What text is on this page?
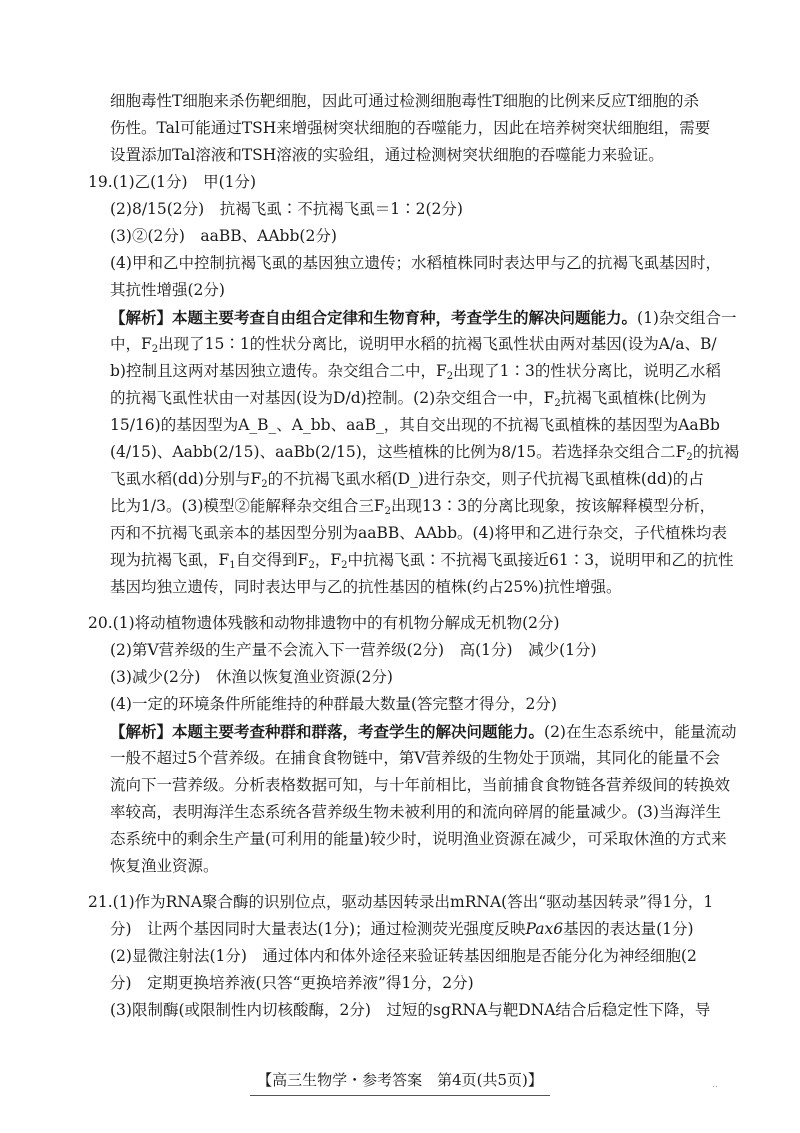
细胞毒性T细胞来杀伤靶细胞，因此可通过检测细胞毒性T细胞的比例来反应T细胞的杀
伤性。Tal可能通过TSH来增强树突状细胞的吞噬能力，因此在培养树突状细胞组，需要
设置添加Tal溶液和TSH溶液的实验组，通过检测树突状细胞的吞噬能力来验证。
19.(1)乙(1分)　甲(1分)
(2)8/15(2分)　抗褐飞虱∶不抗褐飞虱＝1∶2(2分)
(3)②(2分)　aaBB、AAbb(2分)
(4)甲和乙中控制抗褐飞虱的基因独立遗传；水稻植株同时表达甲与乙的抗褐飞虱基因时，
其抗性增强(2分)
【解析】本题主要考查自由组合定律和生物育种，考查学生的解决问题能力。(1)杂交组合一
中，$F_2$出现了15∶1的性状分离比，说明甲水稻的抗褐飞虱性状由两对基因(设为A/a、B/
b)控制且这两对基因独立遗传。杂交组合二中，$F_2$出现了1∶3的性状分离比，说明乙水稻
的抗褐飞虱性状由一对基因(设为D/d)控制。(2)杂交组合一中，$F_2$抗褐飞虱植株(比例为
15/16)的基因型为A_B_、A_bb、aaB_，其自交出现的不抗褐飞虱植株的基因型为AaBb
(4/15)、Aabb(2/15)、aaBb(2/15)，这些植株的比例为8/15。若选择杂交组合二$F_2$的抗褐
飞虱水稻(dd)分别与$F_2$的不抗褐飞虱水稻(D_)进行杂交，则子代抗褐飞虱植株(dd)的占
比为1/3。(3)模型②能解释杂交组合三$F_2$出现13∶3的分离比现象，按该解释模型分析，
丙和不抗褐飞虱亲本的基因型分别为aaBB、AAbb。(4)将甲和乙进行杂交，子代植株均表
现为抗褐飞虱，$F_1$自交得到$F_2$，$F_2$中抗褐飞虱∶不抗褐飞虱接近61∶3，说明甲和乙的抗性
基因均独立遗传，同时表达甲与乙的抗性基因的植株(约占25%)抗性增强。
20.(1)将动植物遗体残骸和动物排遗物中的有机物分解成无机物(2分)
(2)第Ⅴ营养级的生产量不会流入下一营养级(2分)　高(1分)　减少(1分)
(3)减少(2分)　休渔以恢复渔业资源(2分)
(4)一定的环境条件所能维持的种群最大数量(答完整才得分，2分)
【解析】本题主要考查种群和群落，考查学生的解决问题能力。(2)在生态系统中，能量流动
一般不超过5个营养级。在捕食食物链中，第Ⅴ营养级的生物处于顶端，其同化的能量不会
流向下一营养级。分析表格数据可知，与十年前相比，当前捕食食物链各营养级间的转换效
率较高，表明海洋生态系统各营养级生物未被利用的和流向碎屑的能量减少。(3)当海洋生
态系统中的剩余生产量(可利用的能量)较少时，说明渔业资源在减少，可采取休渔的方式来
恢复渔业资源。
21.(1)作为RNA聚合酶的识别位点，驱动基因转录出mRNA(答出“驱动基因转录”得1分，1
分)　让两个基因同时大量表达(1分)；通过检测荧光强度反映Pax6基因的表达量(1分)
(2)显微注射法(1分)　通过体内和体外途径来验证转基因细胞是否能分化为神经细胞(2
分)　定期更换培养液(只答“更换培养液”得1分，2分)
(3)限制酶(或限制性内切核酸酶，2分)　过短的sgRNA与靶DNA结合后稳定性下降，导
【高三生物学・参考答案　第4页(共5页)】	‥
